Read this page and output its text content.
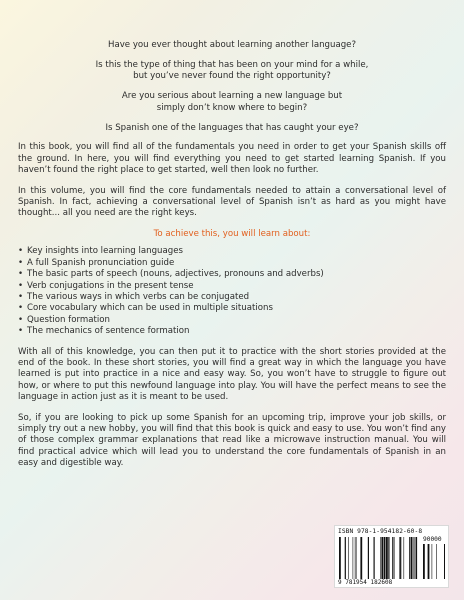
Have you ever thought about learning another language?
Is this the type of thing that has been on your mind for a while,
but you’ve never found the right opportunity?
Are you serious about learning a new language but
simply don’t know where to begin?
Is Spanish one of the languages that has caught your eye?

In this book, you will find all of the fundamentals you need in order to get your Spanish skills off the ground. In here, you will find everything you need to get started learning Spanish. If you haven’t found the right place to get started, well then look no further.

In this volume, you will find the core fundamentals needed to attain a conversational level of Spanish. In fact, achieving a conversational level of Spanish isn’t as hard as you might have thought... all you need are the right keys.

To achieve this, you will learn about:
• Key insights into learning languages
• A full Spanish pronunciation guide
• The basic parts of speech (nouns, adjectives, pronouns and adverbs)
• Verb conjugations in the present tense
• The various ways in which verbs can be conjugated
• Core vocabulary which can be used in multiple situations
• Question formation
• The mechanics of sentence formation

With all of this knowledge, you can then put it to practice with the short stories provided at the end of the book. In these short stories, you will find a great way in which the language you have learned is put into practice in a nice and easy way. So, you won’t have to struggle to figure out how, or where to put this newfound language into play. You will have the perfect means to see the language in action just as it is meant to be used.

So, if you are looking to pick up some Spanish for an upcoming trip, improve your job skills, or simply try out a new hobby, you will find that this book is quick and easy to use. You won’t find any of those complex grammar explanations that read like a microwave instruction manual. You will find practical advice which will lead you to understand the core fundamentals of Spanish in an easy and digestible way.

ISBN 978-1-954182-60-8
90000
9 781954 182608
